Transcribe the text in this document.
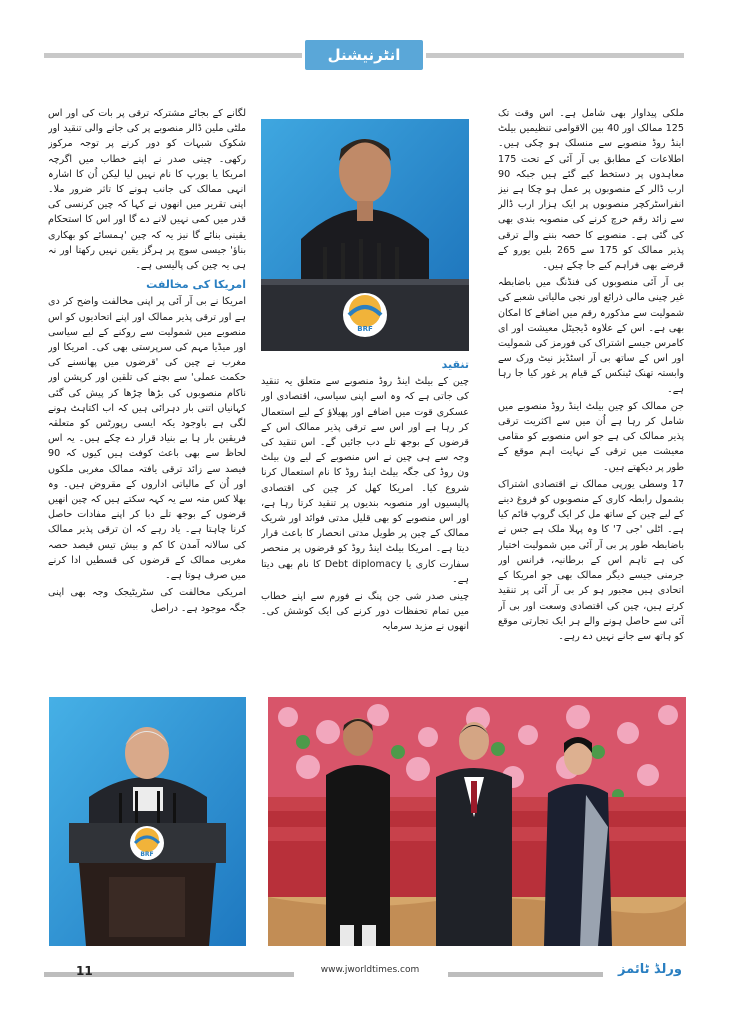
انٹرنیشنل

ملکی پیداوار بھی شامل ہے۔ اس وقت تک 125 ممالک اور 40 بین الاقوامی تنظیمیں بیلٹ اینڈ روڈ منصوبے سے منسلک ہو چکی ہیں۔ اطلاعات کے مطابق بی آر آئی کے تحت 175 معاہدوں پر دستخط کیے گئے ہیں جبکہ 90 ارب ڈالر کے منصوبوں پر عمل ہو چکا ہے نیز انفراسٹرکچر منصوبوں پر ایک ہزار ارب ڈالر سے زائد رقم خرچ کرنے کی منصوبہ بندی بھی کی گئی ہے۔ منصوبے کا حصہ بننے والے ترقی پذیر ممالک کو 175 سے 265 بلین یورو کے قرضے بھی فراہم کیے جا چکے ہیں۔

بی آر آئی منصوبوں کی فنڈنگ میں باضابطہ غیر چینی مالی ذرائع اور نجی مالیاتی شعبے کی شمولیت سے مذکورہ رقم میں اضافے کا امکان بھی ہے۔ اس کے علاوہ ڈیجیٹل معیشت اور ای کامرس جیسے اشتراک کی فورمز کی شمولیت اور اس کے ساتھ بی آر اسٹڈیز نیٹ ورک سے وابستہ تھنک ٹینکس کے قیام پر غور کیا جا رہا ہے۔

جن ممالک کو چین بیلٹ اینڈ روڈ منصوبے میں شامل کر رہا ہے اُن میں سے اکثریت ترقی پذیر ممالک کی ہے جو اس منصوبے کو مقامی معیشت میں ترقی کے نہایت اہم موقع کے طور پر دیکھتے ہیں۔

17 وسطی یورپی ممالک نے اقتصادی اشتراک بشمول رابطہ کاری کے منصوبوں کو فروغ دینے کے لیے چین کے ساتھ مل کر ایک گروپ قائم کیا ہے۔ اٹلی 'جی 7' کا وہ پہلا ملک ہے جس نے باضابطہ طور پر بی آر آئی میں شمولیت اختیار کی ہے تاہم اس کے برطانیہ، فرانس اور جرمنی جیسے دیگر ممالک بھی جو امریکا کے اتحادی ہیں مجبور ہو کر بی آر آئی پر تنقید کرتے ہیں، چین کی اقتصادی وسعت اور بی آر آئی سے حاصل ہونے والے ہر ایک تجارتی موقع کو ہاتھ سے جانے نہیں دے رہے۔

BRF
تنقید

چین کے بیلٹ اینڈ روڈ منصوبے سے متعلق یہ تنقید کی جاتی ہے کہ وہ اسے اپنی سیاسی، اقتصادی اور عسکری قوت میں اضافے اور پھیلاؤ کے لیے استعمال کر رہا ہے اور اس سے ترقی پذیر ممالک اس کے قرضوں کے بوجھ تلے دب جائیں گے۔ اس تنقید کی وجہ سے ہی چین نے اس منصوبے کے لیے ون بیلٹ ون روڈ کی جگہ بیلٹ اینڈ روڈ کا نام استعمال کرنا شروع کیا۔ امریکا کھل کر چین کی اقتصادی پالیسیوں اور منصوبہ بندیوں پر تنقید کرتا رہا ہے، اور اس منصوبے کو بھی قلیل مدتی فوائد اور شریک ممالک کے چین پر طویل مدتی انحصار کا باعث قرار دیتا ہے۔ امریکا بیلٹ اینڈ روڈ کو قرضوں پر منحصر سفارت کاری یا Debt diplomacy کا نام بھی دیتا ہے۔

چینی صدر شی جن پنگ نے فورم سے اپنے خطاب میں تمام تحفظات دور کرنے کی ایک کوشش کی۔ انھوں نے مزید سرمایہ

لگانے کے بجائے مشترکہ ترقی پر بات کی اور اس ملٹی ملین ڈالر منصوبے پر کی جانے والی تنقید اور شکوک شبہات کو دور کرنے پر توجہ مرکوز رکھی۔ چینی صدر نے اپنے خطاب میں اگرچہ امریکا یا یورپ کا نام نہیں لیا لیکن اُن کا اشارہ انہی ممالک کی جانب ہونے کا تاثر ضرور ملا۔ اپنی تقریر میں انھوں نے کہا کہ چین کرنسی کی قدر میں کمی نہیں لانے دے گا اور اس کا استحکام یقینی بنائے گا نیز یہ کہ چین 'ہمسائے کو بھکاری بناؤ' جیسی سوچ پر ہرگز یقین نہیں رکھتا اور نہ ہی یہ چین کی پالیسی ہے۔

امریکا کی مخالفت

امریکا نے بی آر آئی پر اپنی مخالفت واضح کر دی ہے اور ترقی پذیر ممالک اور اپنے اتحادیوں کو اس منصوبے میں شمولیت سے روکنے کے لیے سیاسی اور میڈیا مہم کی سرپرستی بھی کی۔ امریکا اور مغرب نے چین کی 'قرضوں میں پھانسنے کی حکمت عملی' سے بچنے کی تلقین اور کرپشن اور ناکام منصوبوں کی بڑھا چڑھا کر پیش کی گئی کہانیاں اتنی بار دہرائی ہیں کہ اب اکتاہٹ ہونے لگی ہے باوجود یکہ ایسی رپورٹس کو متعلقہ فریقین بار ہا بے بنیاد قرار دے چکے ہیں۔ یہ اس لحاظ سے بھی باعث کوفت ہیں کیوں کہ 90 فیصد سے زائد ترقی یافتہ ممالک مغربی ملکوں اور اُن کے مالیاتی اداروں کے مقروض ہیں۔ وہ بھلا کس منہ سے یہ کہہ سکتے ہیں کہ چین انھیں قرضوں کے بوجھ تلے دبا کر اپنے مفادات حاصل کرنا چاہتا ہے۔ یاد رہے کہ ان ترقی پذیر ممالک کی سالانہ آمدن کا کم و بیش تیس فیصد حصہ مغربی ممالک کے قرضوں کی قسطیں ادا کرنے میں صرف ہوتا ہے۔

امریکی مخالفت کی سٹریٹیجک وجہ بھی اپنی جگہ موجود ہے۔ دراصل

BRF
11	www.jworldtimes.com	ورلڈ ٹائمز
